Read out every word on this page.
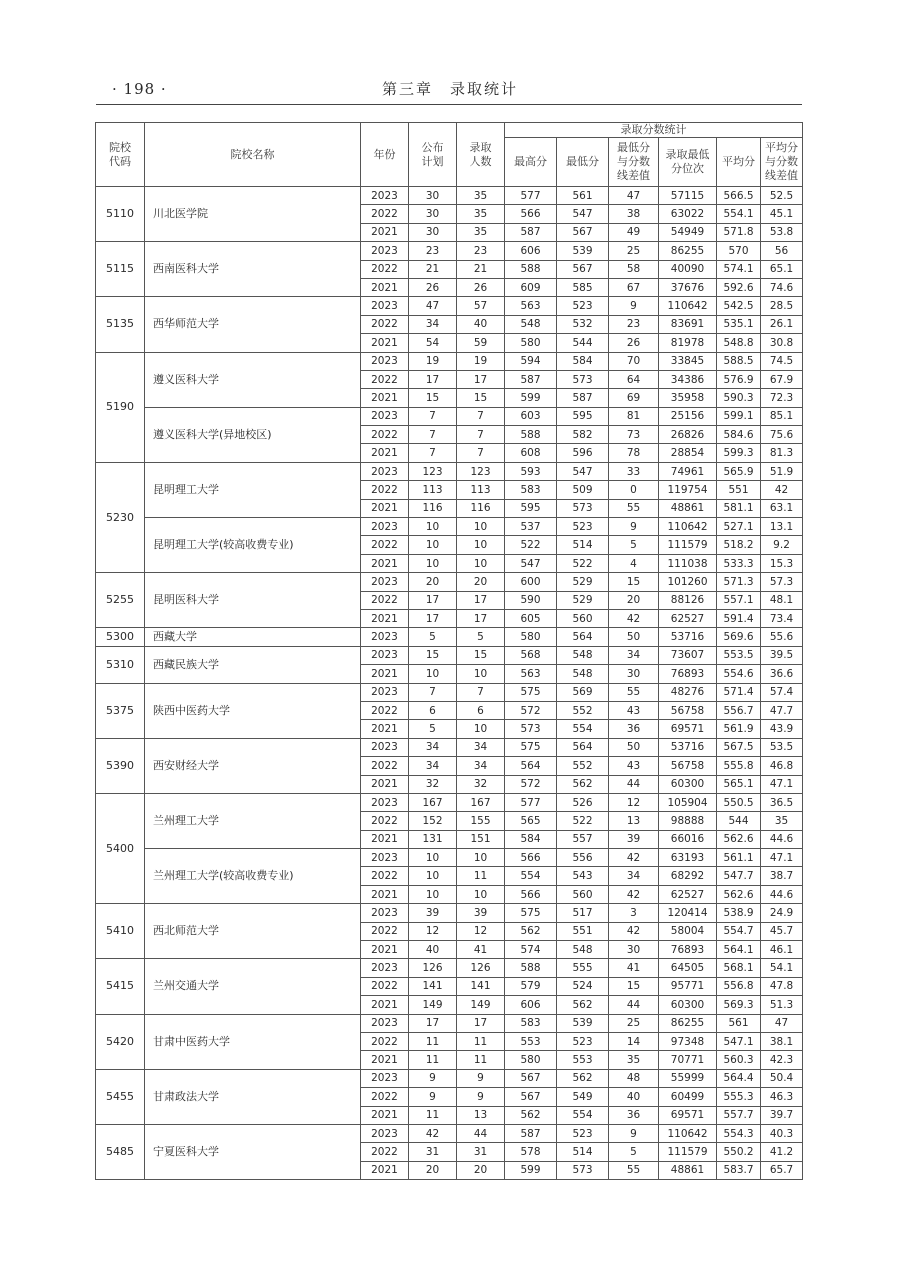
· 198 ·	第三章　录取统计
院校代码	院校名称	年份	公布计划	录取人数	录取分数统计					
					最高分	最低分	最低分与分数线差值	录取最低分位次	平均分	平均分与分数线差值

5110	川北医学院	2023	30	35	577	561	47	57115	566.5	52.5
		2022	30	35	566	547	38	63022	554.1	45.1
		2021	30	35	587	567	49	54949	571.8	53.8
5115	西南医科大学	2023	23	23	606	539	25	86255	570	56
		2022	21	21	588	567	58	40090	574.1	65.1
		2021	26	26	609	585	67	37676	592.6	74.6
5135	西华师范大学	2023	47	57	563	523	9	110642	542.5	28.5
		2022	34	40	548	532	23	83691	535.1	26.1
		2021	54	59	580	544	26	81978	548.8	30.8
5190	遵义医科大学	2023	19	19	594	584	70	33845	588.5	74.5
		2022	17	17	587	573	64	34386	576.9	67.9
		2021	15	15	599	587	69	35958	590.3	72.3
	遵义医科大学(异地校区)	2023	7	7	603	595	81	25156	599.1	85.1
		2022	7	7	588	582	73	26826	584.6	75.6
		2021	7	7	608	596	78	28854	599.3	81.3
5230	昆明理工大学	2023	123	123	593	547	33	74961	565.9	51.9
		2022	113	113	583	509	0	119754	551	42
		2021	116	116	595	573	55	48861	581.1	63.1
	昆明理工大学(较高收费专业)	2023	10	10	537	523	9	110642	527.1	13.1
		2022	10	10	522	514	5	111579	518.2	9.2
		2021	10	10	547	522	4	111038	533.3	15.3
5255	昆明医科大学	2023	20	20	600	529	15	101260	571.3	57.3
		2022	17	17	590	529	20	88126	557.1	48.1
		2021	17	17	605	560	42	62527	591.4	73.4
5300	西藏大学	2023	5	5	580	564	50	53716	569.6	55.6
5310	西藏民族大学	2023	15	15	568	548	34	73607	553.5	39.5
		2021	10	10	563	548	30	76893	554.6	36.6
5375	陕西中医药大学	2023	7	7	575	569	55	48276	571.4	57.4
		2022	6	6	572	552	43	56758	556.7	47.7
		2021	5	10	573	554	36	69571	561.9	43.9
5390	西安财经大学	2023	34	34	575	564	50	53716	567.5	53.5
		2022	34	34	564	552	43	56758	555.8	46.8
		2021	32	32	572	562	44	60300	565.1	47.1
5400	兰州理工大学	2023	167	167	577	526	12	105904	550.5	36.5
		2022	152	155	565	522	13	98888	544	35
		2021	131	151	584	557	39	66016	562.6	44.6
	兰州理工大学(较高收费专业)	2023	10	10	566	556	42	63193	561.1	47.1
		2022	10	11	554	543	34	68292	547.7	38.7
		2021	10	10	566	560	42	62527	562.6	44.6
5410	西北师范大学	2023	39	39	575	517	3	120414	538.9	24.9
		2022	12	12	562	551	42	58004	554.7	45.7
		2021	40	41	574	548	30	76893	564.1	46.1
5415	兰州交通大学	2023	126	126	588	555	41	64505	568.1	54.1
		2022	141	141	579	524	15	95771	556.8	47.8
		2021	149	149	606	562	44	60300	569.3	51.3
5420	甘肃中医药大学	2023	17	17	583	539	25	86255	561	47
		2022	11	11	553	523	14	97348	547.1	38.1
		2021	11	11	580	553	35	70771	560.3	42.3
5455	甘肃政法大学	2023	9	9	567	562	48	55999	564.4	50.4
		2022	9	9	567	549	40	60499	555.3	46.3
		2021	11	13	562	554	36	69571	557.7	39.7
5485	宁夏医科大学	2023	42	44	587	523	9	110642	554.3	40.3
		2022	31	31	578	514	5	111579	550.2	41.2
		2021	20	20	599	573	55	48861	583.7	65.7
